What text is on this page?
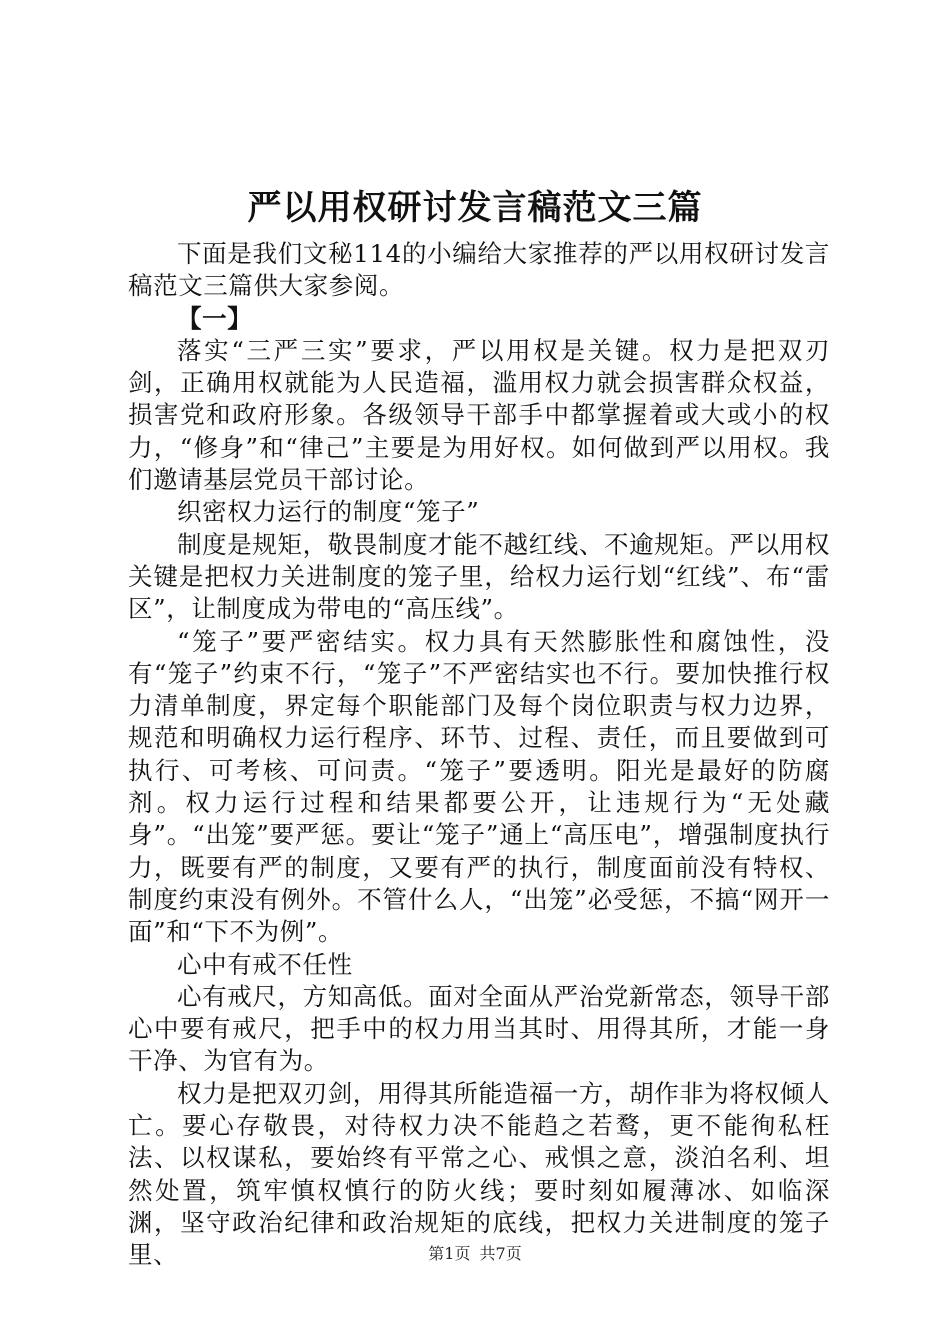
严以用权研讨发言稿范文三篇

下面是我们文秘114的小编给大家推荐的严以用权研讨发言稿范文三篇供大家参阅。

【一】

落实“三严三实”要求，严以用权是关键。权力是把双刃剑，正确用权就能为人民造福，滥用权力就会损害群众权益，损害党和政府形象。各级领导干部手中都掌握着或大或小的权力，“修身”和“律己”主要是为用好权。如何做到严以用权。我们邀请基层党员干部讨论。

织密权力运行的制度“笼子”

制度是规矩，敬畏制度才能不越红线、不逾规矩。严以用权关键是把权力关进制度的笼子里，给权力运行划“红线”、布“雷区”，让制度成为带电的“高压线”。

“笼子”要严密结实。权力具有天然膨胀性和腐蚀性，没有“笼子”约束不行，“笼子”不严密结实也不行。要加快推行权力清单制度，界定每个职能部门及每个岗位职责与权力边界，规范和明确权力运行程序、环节、过程、责任，而且要做到可执行、可考核、可问责。“笼子”要透明。阳光是最好的防腐剂。权力运行过程和结果都要公开，让违规行为“无处藏身”。“出笼”要严惩。要让“笼子”通上“高压电”，增强制度执行力，既要有严的制度，又要有严的执行，制度面前没有特权、制度约束没有例外。不管什么人，“出笼”必受惩，不搞“网开一面”和“下不为例”。

心中有戒不任性

心有戒尺，方知高低。面对全面从严治党新常态，领导干部心中要有戒尺，把手中的权力用当其时、用得其所，才能一身干净、为官有为。

权力是把双刃剑，用得其所能造福一方，胡作非为将权倾人亡。要心存敬畏，对待权力决不能趋之若鹜，更不能徇私枉法、以权谋私，要始终有平常之心、戒惧之意，淡泊名利、坦然处置，筑牢慎权慎行的防火线；要时刻如履薄冰、如临深渊，坚守政治纪律和政治规矩的底线，把权力关进制度的笼子里、	第1页 共7页
